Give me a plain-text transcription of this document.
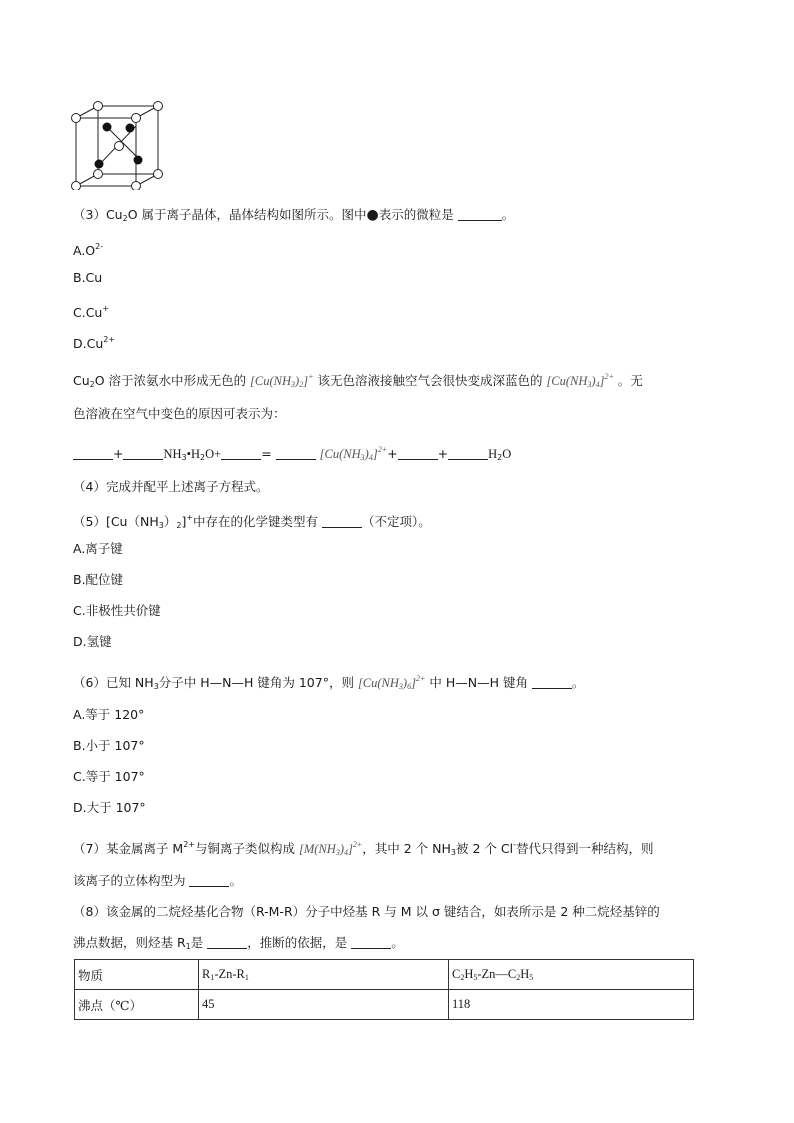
$(3)Cu_2O$ 属于离子晶体，晶体结构如图所示。图中●表示的微粒是	。
$A.O^{2-}$
B.Cu
C.Cu+
$D.Cu^{2+}$
$Cu_2O$ 溶于浓氨水中形成无色的 $[Cu(NH_3)_2]^+$ 该无色溶液接触空气会很快变成深蓝色的 $[Cu(NH_3)_4]^{2+}$ 。无
色溶液在空气中变色的原因可表示为：
+	$NH_3•H_2O+$	=	$[Cu(NH_3)_4]^{2+}+$	+	$H_2O$
（4）完成并配平上述离子方程式。
$(5)[Cu(NH_3)_2]^+$中存在的化学键类型有	（不定项）。
A.离子键
B.配位键
C.非极性共价键
D.氢键
（6）已知 $NH_3$分子中 H—N—H 键角为 107°，则 $[Cu(NH_3)_6]^{2+}$ 中 H—N—H 键角	。
A.等于 120°
B.小于 107°
C.等于 107°
D.大于 107°
（7）某金属离子 $M^{2+}$与铜离子类似构成 $[M(NH_3)_4]^{2+}$，其中 2 个 $NH_3$被 2 个 Cl-替代只得到一种结构，则
该离子的立体构型为	。
（8）该金属的二烷烃基化合物（R-M-R）分子中烃基 R 与 M 以 σ 键结合，如表所示是 2 种二烷烃基锌的
沸点数据，则烃基 $R_1$是	，推断的依据，是	。
物质	$R_1-Zn-R_1$	$C_2H_5-Zn—C_2H_5$
沸点（℃）	45	118
